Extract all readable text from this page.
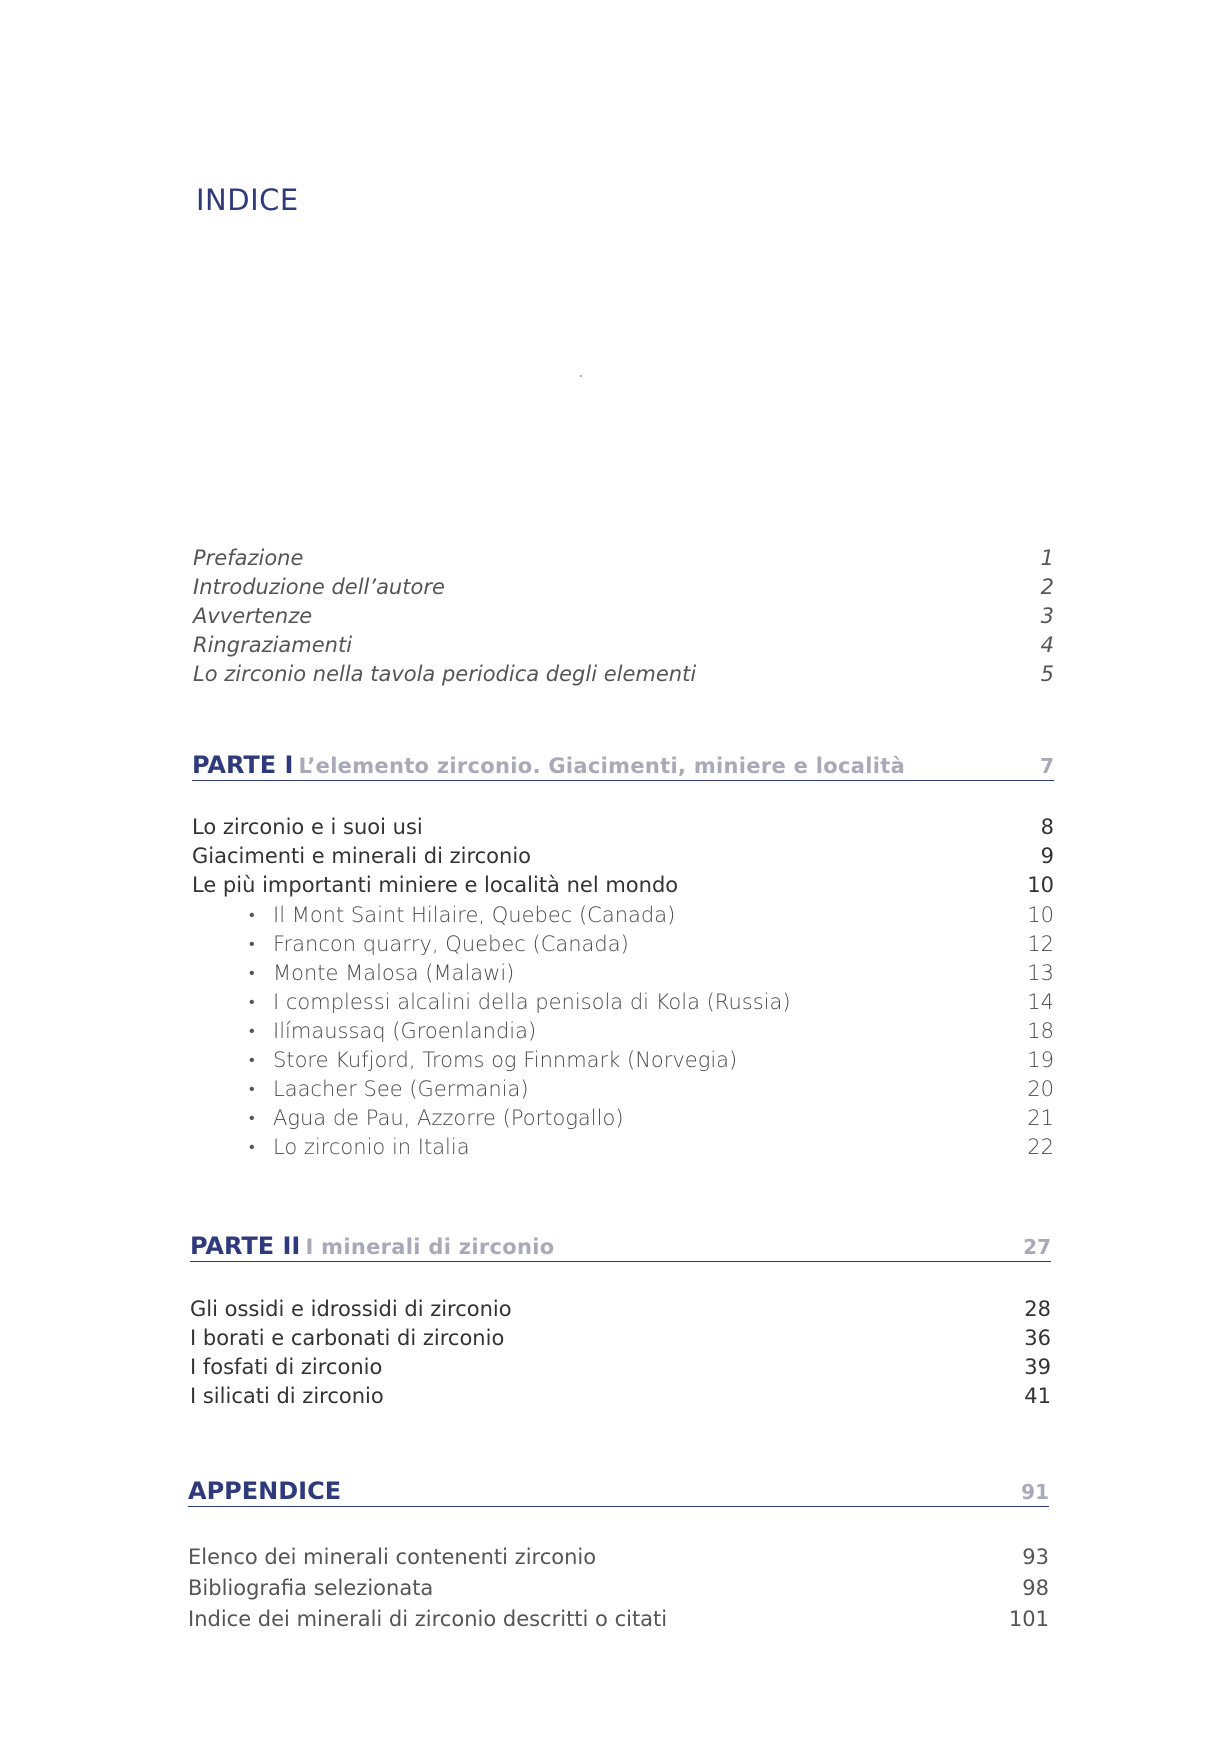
INDICE
Prefazione	1
Introduzione dell’autore	2
Avvertenze	3
Ringraziamenti	4
Lo zirconio nella tavola periodica degli elementi	5
PARTE I L’elemento zirconio. Giacimenti, miniere e località	7
Lo zirconio e i suoi usi	8
Giacimenti e minerali di zirconio	9
Le più importanti miniere e località nel mondo	10
• Il Mont Saint Hilaire, Quebec (Canada)	10
• Francon quarry, Quebec (Canada)	12
• Monte Malosa (Malawi)	13
• I complessi alcalini della penisola di Kola (Russia)	14
• Ilímaussaq (Groenlandia)	18
• Store Kufjord, Troms og Finnmark (Norvegia)	19
• Laacher See (Germania)	20
• Agua de Pau, Azzorre (Portogallo)	21
• Lo zirconio in Italia	22
PARTE II I minerali di zirconio	27
Gli ossidi e idrossidi di zirconio	28
I borati e carbonati di zirconio	36
I fosfati di zirconio	39
I silicati di zirconio	41
APPENDICE	91
Elenco dei minerali contenenti zirconio	93
Bibliografia selezionata	98
Indice dei minerali di zirconio descritti o citati	101
